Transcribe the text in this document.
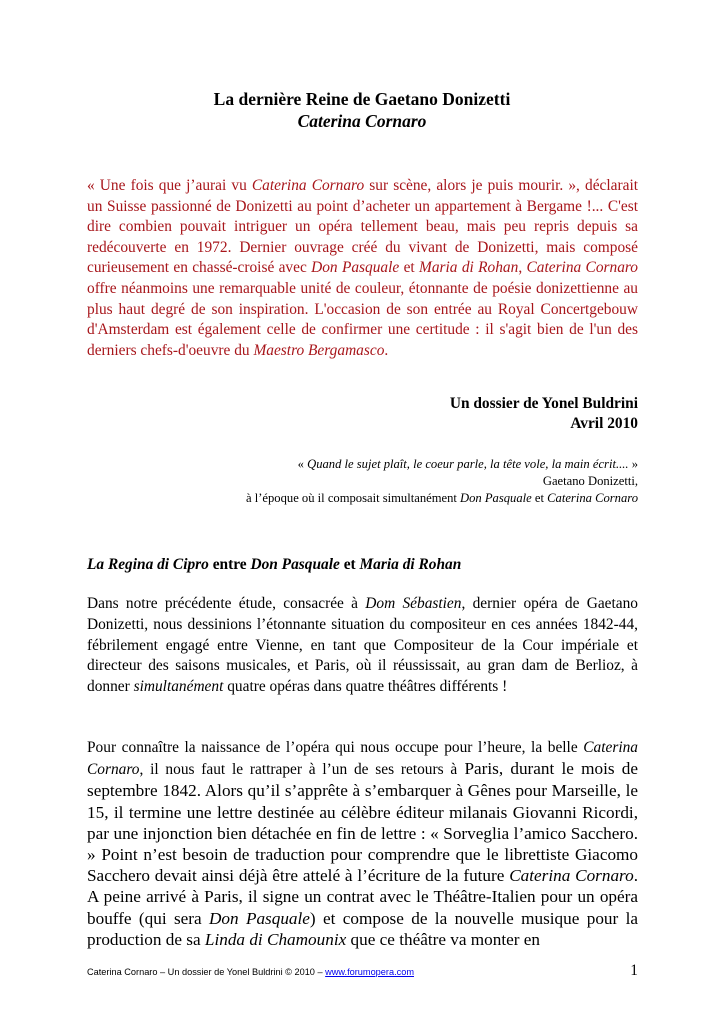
La dernière Reine de Gaetano Donizetti
Caterina Cornaro

« Une fois que j’aurai vu Caterina Cornaro sur scène, alors je puis mourir. », déclarait un Suisse passionné de Donizetti au point d’acheter un appartement à Bergame !... C'est dire combien pouvait intriguer un opéra tellement beau, mais peu repris depuis sa redécouverte en 1972. Dernier ouvrage créé du vivant de Donizetti, mais composé curieusement en chassé-croisé avec Don Pasquale et Maria di Rohan, Caterina Cornaro offre néanmoins une remarquable unité de couleur, étonnante de poésie donizettienne au plus haut degré de son inspiration. L'occasion de son entrée au Royal Concertgebouw d'Amsterdam est également celle de confirmer une certitude : il s'agit bien de l'un des derniers chefs-d'oeuvre du Maestro Bergamasco.

Un dossier de Yonel Buldrini
Avril 2010
« Quand le sujet plaît, le coeur parle, la tête vole, la main écrit.... »
Gaetano Donizetti,
à l’époque où il composait simultanément Don Pasquale et Caterina Cornaro
La Regina di Cipro entre Don Pasquale et Maria di Rohan

Dans notre précédente étude, consacrée à Dom Sébastien, dernier opéra de Gaetano Donizetti, nous dessinions l’étonnante situation du compositeur en ces années 1842-44, fébrilement engagé entre Vienne, en tant que Compositeur de la Cour impériale et directeur des saisons musicales, et Paris, où il réussissait, au gran dam de Berlioz, à donner simultanément quatre opéras dans quatre théâtres différents !

Pour connaître la naissance de l’opéra qui nous occupe pour l’heure, la belle Caterina Cornaro, il nous faut le rattraper à l’un de ses retours à Paris, durant le mois de septembre 1842. Alors qu’il s’apprête à s’embarquer à Gênes pour Marseille, le 15, il termine une lettre destinée au célèbre éditeur milanais Giovanni Ricordi, par une injonction bien détachée en fin de lettre : « Sorveglia l’amico Sacchero. » Point n’est besoin de traduction pour comprendre que le librettiste Giacomo Sacchero devait ainsi déjà être attelé à l’écriture de la future Caterina Cornaro. A peine arrivé à Paris, il signe un contrat avec le Théâtre-Italien pour un opéra bouffe (qui sera Don Pasquale) et compose de la nouvelle musique pour la production de sa Linda di Chamounix que ce théâtre va monter en

Caterina Cornaro – Un dossier de Yonel Buldrini © 2010 – www.forumopera.com	1
